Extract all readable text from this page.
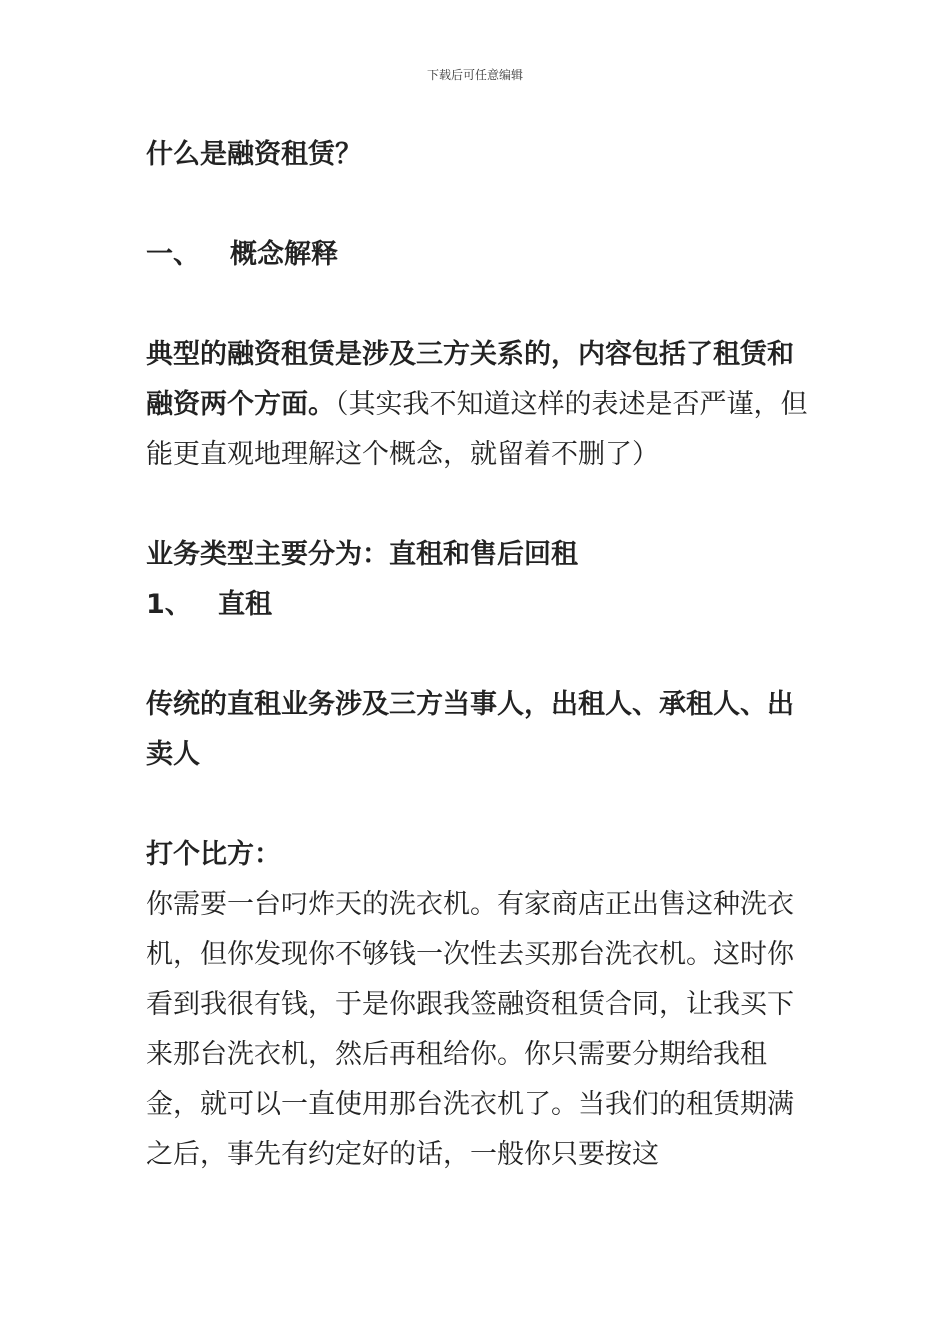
下载后可任意编辑

什么是融资租赁？

一、 概念解释

典型的融资租赁是涉及三方关系的，内容包括了租赁和融资两个方面。（其实我不知道这样的表述是否严谨，但能更直观地理解这个概念，就留着不删了）

业务类型主要分为：直租和售后回租

1、 直租

传统的直租业务涉及三方当事人，出租人、承租人、出卖人

打个比方：

你需要一台叼炸天的洗衣机。有家商店正出售这种洗衣机，但你发现你不够钱一次性去买那台洗衣机。这时你看到我很有钱，于是你跟我签融资租赁合同，让我买下来那台洗衣机，然后再租给你。你只需要分期给我租金，就可以一直使用那台洗衣机了。当我们的租赁期满之后，事先有约定好的话，一般你只要按这
